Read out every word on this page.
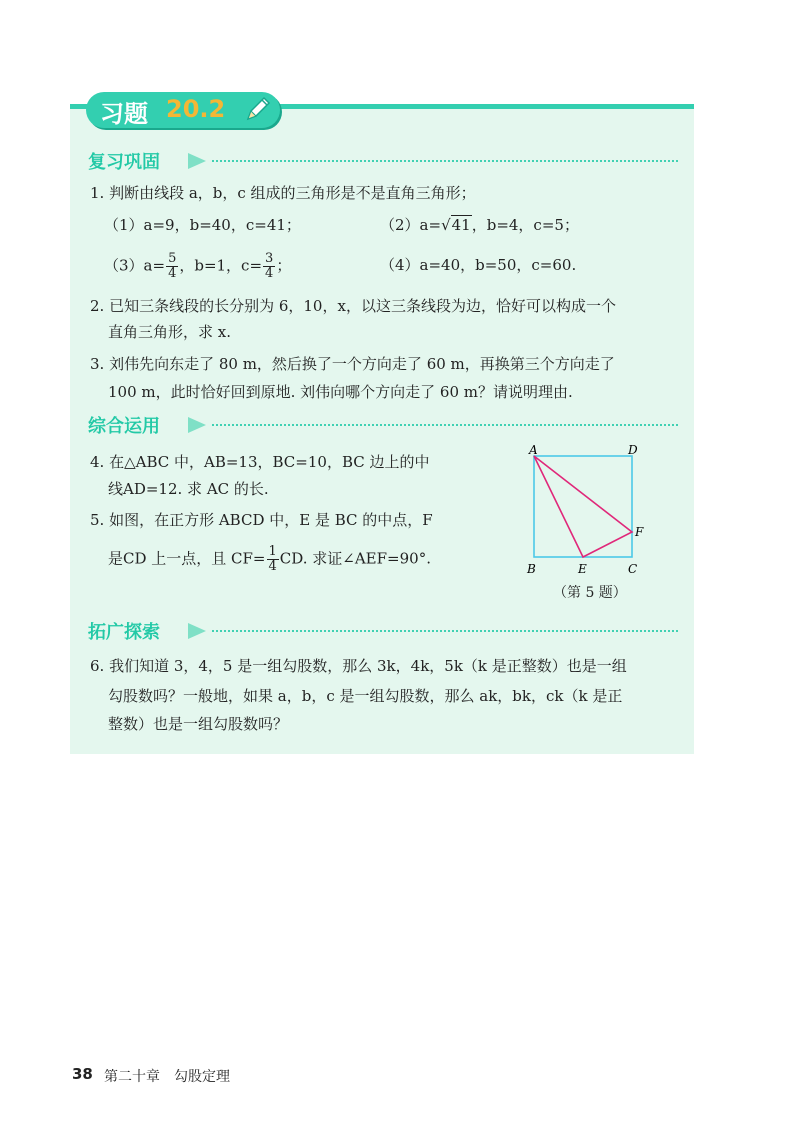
习题 20.2
复习巩固
1. 判断由线段 a，b，c 组成的三角形是不是直角三角形；
（1）a=9，b=40，c=41；	（2）a=√41，b=4，c=5；
$(3)a= \frac{5}{4}$ ，b=1，$c= \frac{3}{4}$ ；	（4）a=40，b=50，c=60.
2. 已知三条线段的长分别为 6，10，x，以这三条线段为边，恰好可以构成一个
直角三角形，求 x.
3. 刘伟先向东走了 80 m，然后换了一个方向走了 60 m，再换第三个方向走了
100 m，此时恰好回到原地. 刘伟向哪个方向走了 60 m？请说明理由.
综合运用
4. 在△ABC 中，AB=13，BC=10，BC 边上的中
线AD=12. 求 AC 的长.
5. 如图，在正方形 ABCD 中，E 是 BC 的中点，F
是CD 上一点，且 $CF= \frac{1}{4}$ CD. 求证∠AEF=90°.
A	D
B	E	C
F
（第 5 题）
拓广探索
6. 我们知道 3，4，5 是一组勾股数，那么 3k，4k，5k（k 是正整数）也是一组
勾股数吗？一般地，如果 a，b，c 是一组勾股数，那么 ak，bk，ck（k 是正
整数）也是一组勾股数吗？
38 第二十章　勾股定理
